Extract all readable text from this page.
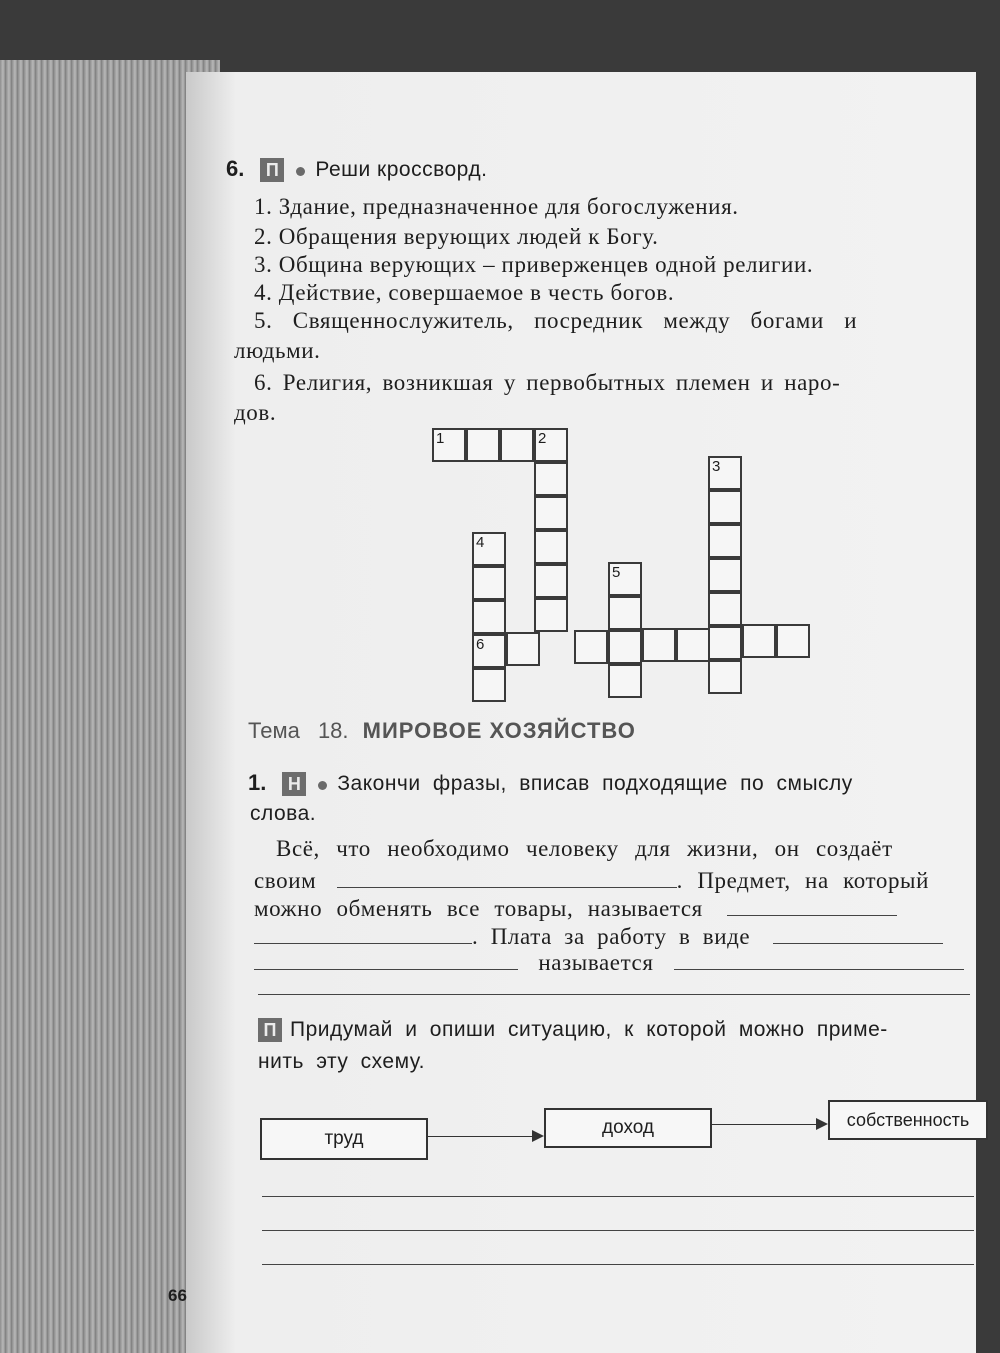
6. П Реши кроссворд.
1. Здание, предназначенное для богослужения.
2. Обращения верующих людей к Богу.
3. Община верующих – приверженцев одной религии.
4. Действие, совершаемое в честь богов.
5. Священнослужитель, посредник между богами и
людьми.
6. Религия, возникшая у первобытных племен и наро-
дов.
1	2
3
4
6
5
Тема 18. МИРОВОЕ ХОЗЯЙСТВО
1. Н Закончи фразы, вписав подходящие по смыслу
слова.
Всё, что необходимо человеку для жизни, он создаёт
своим	. Предмет, на который
можно обменять все товары, называется
. Плата за работу в виде
называется
П Придумай и опиши ситуацию, к которой можно приме-
нить эту схему.
труд
доход	собственность
66
